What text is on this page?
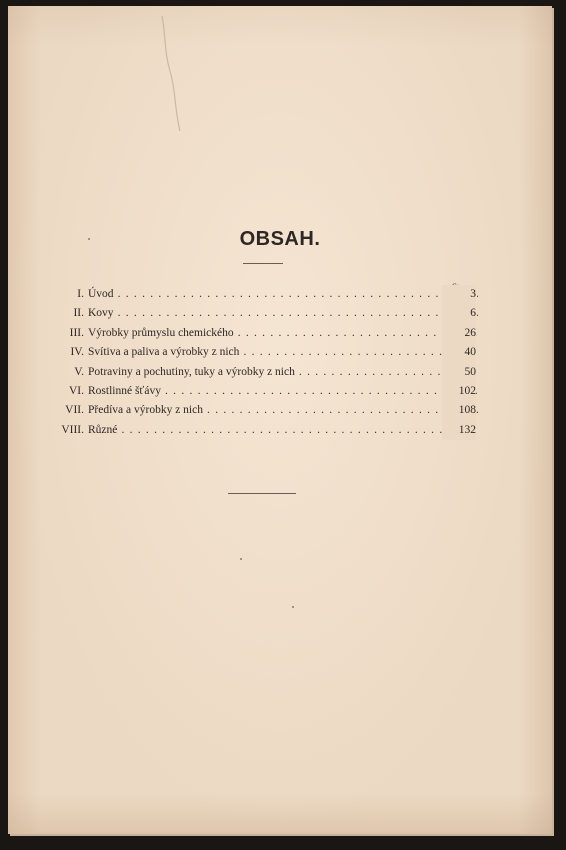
OBSAH.
I. Úvod . . .	3
II. Kovy . . .	6
III. Výrobky průmyslu chemického . . .	26
IV. Svítiva a paliva a výrobky z nich . . .	40
V. Potraviny a pochutiny, tuky a výrobky z nich . . .	50
VI. Rostlinné šťávy . . .	102
VII. Předíva a výrobky z nich . . .	108
VIII. Různé . . .	132
